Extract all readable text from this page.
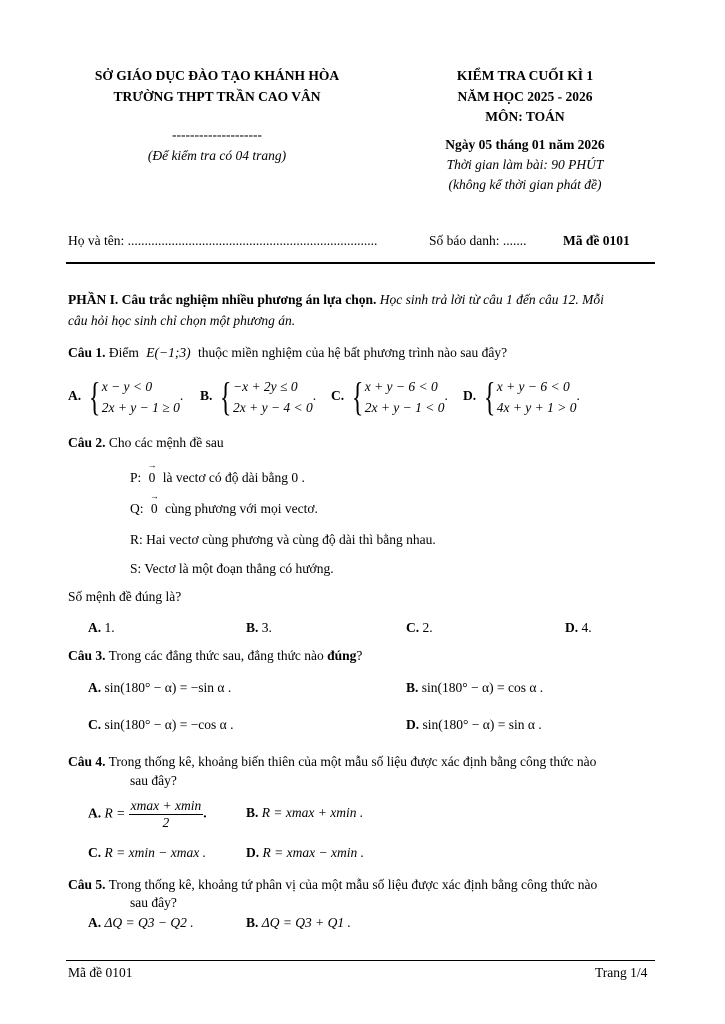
SỞ GIÁO DỤC ĐÀO TẠO KHÁNH HÒA
TRƯỜNG THPT TRẦN CAO VÂN
--------------------
(Để kiểm tra có 04 trang)
KIỂM TRA CUỐI KÌ 1
NĂM HỌC 2025 - 2026
MÔN: TOÁN
Ngày 05 tháng 01 năm 2026
Thời gian làm bài: 90 PHÚT
(không kể thời gian phát đề)
Họ và tên: ..........................................................................	Số báo danh: .......	Mã đề 0101
PHẦN I. Câu trắc nghiệm nhiều phương án lựa chọn. Học sinh trả lời từ câu 1 đến câu 12. Mỗi
câu hỏi học sinh chỉ chọn một phương án.
Câu 1. Điểm E(−1;3) thuộc miền nghiệm của hệ bất phương trình nào sau đây?
A. { x − y < 0
2x + y − 1 ≥ 0
. B. { −x + 2y ≤ 0
2x + y − 4 < 0
. C. { x + y − 6 < 0
2x + y − 1 < 0
. D. { x + y − 6 < 0
4x + y + 1 > 0
.
Câu 2. Cho các mệnh đề sau
P: → 0 là vectơ có độ dài bằng 0 .
Q: → 0 cùng phương với mọi vectơ.
R: Hai vectơ cùng phương và cùng độ dài thì bằng nhau.
S: Vectơ là một đoạn thẳng có hướng.
Số mệnh đề đúng là?
A. 1.	B. 3.	C. 2.	D. 4.
Câu 3. Trong các đẳng thức sau, đẳng thức nào đúng?
A. sin(180° − α) = −sin α .	B. sin(180° − α) = cos α .
C. sin(180° − α) = −cos α .	D. sin(180° − α) = sin α .
Câu 4. Trong thống kê, khoảng biến thiên của một mẫu số liệu được xác định bằng công thức nào
sau đây?
A. $R = \frac{xmax + xmin}{2}$ .	B. R = xmax + xmin .
C. R = xmin − xmax .	D. R = xmax − xmin .
Câu 5. Trong thống kê, khoảng tứ phân vị của một mẫu số liệu được xác định bằng công thức nào
sau đây?
A. ΔQ = Q3 − Q2 .	B. ΔQ = Q3 + Q1 .
Mã đề 0101	Trang 1/4
